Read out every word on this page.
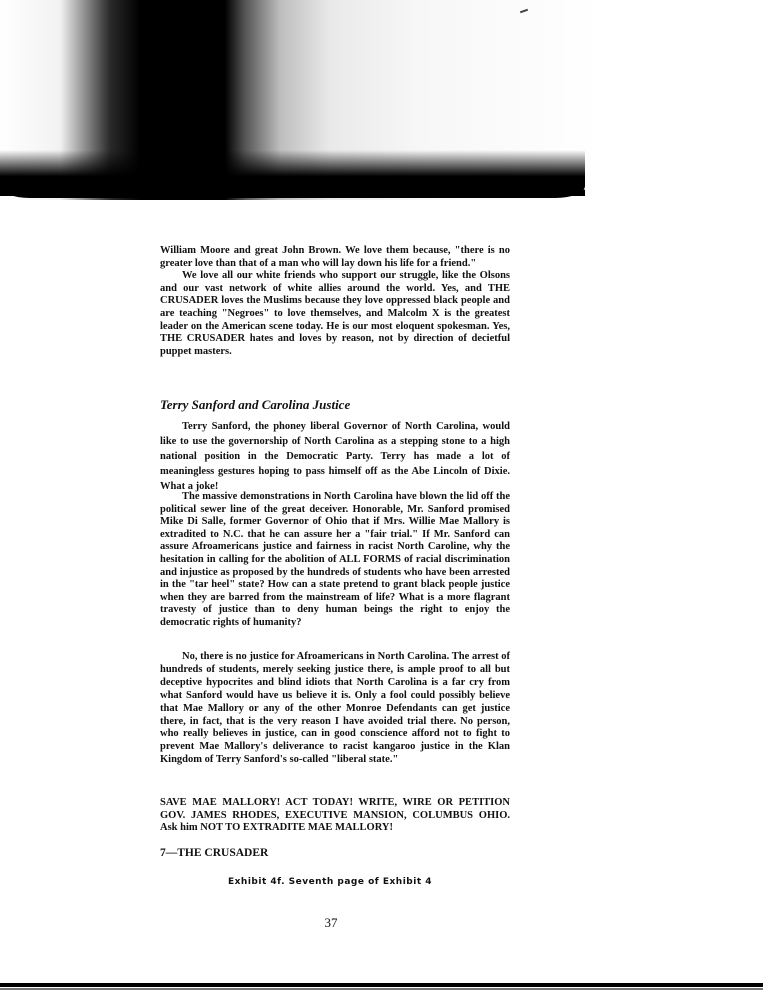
William Moore and great John Brown. We love them because, "there is no greater love than that of a man who will lay down his life for a friend."

We love all our white friends who support our struggle, like the Olsons and our vast network of white allies around the world. Yes, and THE CRUSADER loves the Muslims because they love oppressed black people and are teaching "Negroes" to love themselves, and Malcolm X is the greatest leader on the American scene today. He is our most eloquent spokesman. Yes, THE CRUSADER hates and loves by reason, not by direction of decietful puppet masters.

Terry Sanford and Carolina Justice

Terry Sanford, the phoney liberal Governor of North Carolina, would like to use the governorship of North Carolina as a stepping stone to a high national position in the Democratic Party. Terry has made a lot of meaningless gestures hoping to pass himself off as the Abe Lincoln of Dixie. What a joke!

The massive demonstrations in North Carolina have blown the lid off the political sewer line of the great deceiver. Honorable, Mr. Sanford promised Mike Di Salle, former Governor of Ohio that if Mrs. Willie Mae Mallory is extradited to N.C. that he can assure her a "fair trial." If Mr. Sanford can assure Afroamericans justice and fairness in racist North Caroline, why the hesitation in calling for the abolition of ALL FORMS of racial discrimination and injustice as proposed by the hundreds of students who have been arrested in the "tar heel" state? How can a state pretend to grant black people justice when they are barred from the mainstream of life? What is a more flagrant travesty of justice than to deny human beings the right to enjoy the democratic rights of humanity?

No, there is no justice for Afroamericans in North Carolina. The arrest of hundreds of students, merely seeking justice there, is ample proof to all but deceptive hypocrites and blind idiots that North Carolina is a far cry from what Sanford would have us believe it is. Only a fool could possibly believe that Mae Mallory or any of the other Monroe Defendants can get justice there, in fact, that is the very reason I have avoided trial there. No person, who really believes in justice, can in good conscience afford not to fight to prevent Mae Mallory's deliverance to racist kangaroo justice in the Klan Kingdom of Terry Sanford's so-called "liberal state."

SAVE MAE MALLORY! ACT TODAY! WRITE, WIRE OR PETITION GOV. JAMES RHODES, EXECUTIVE MANSION, COLUMBUS OHIO. Ask him NOT TO EXTRADITE MAE MALLORY!
7—THE CRUSADER
Exhibit 4f. Seventh page of Exhibit 4
37
